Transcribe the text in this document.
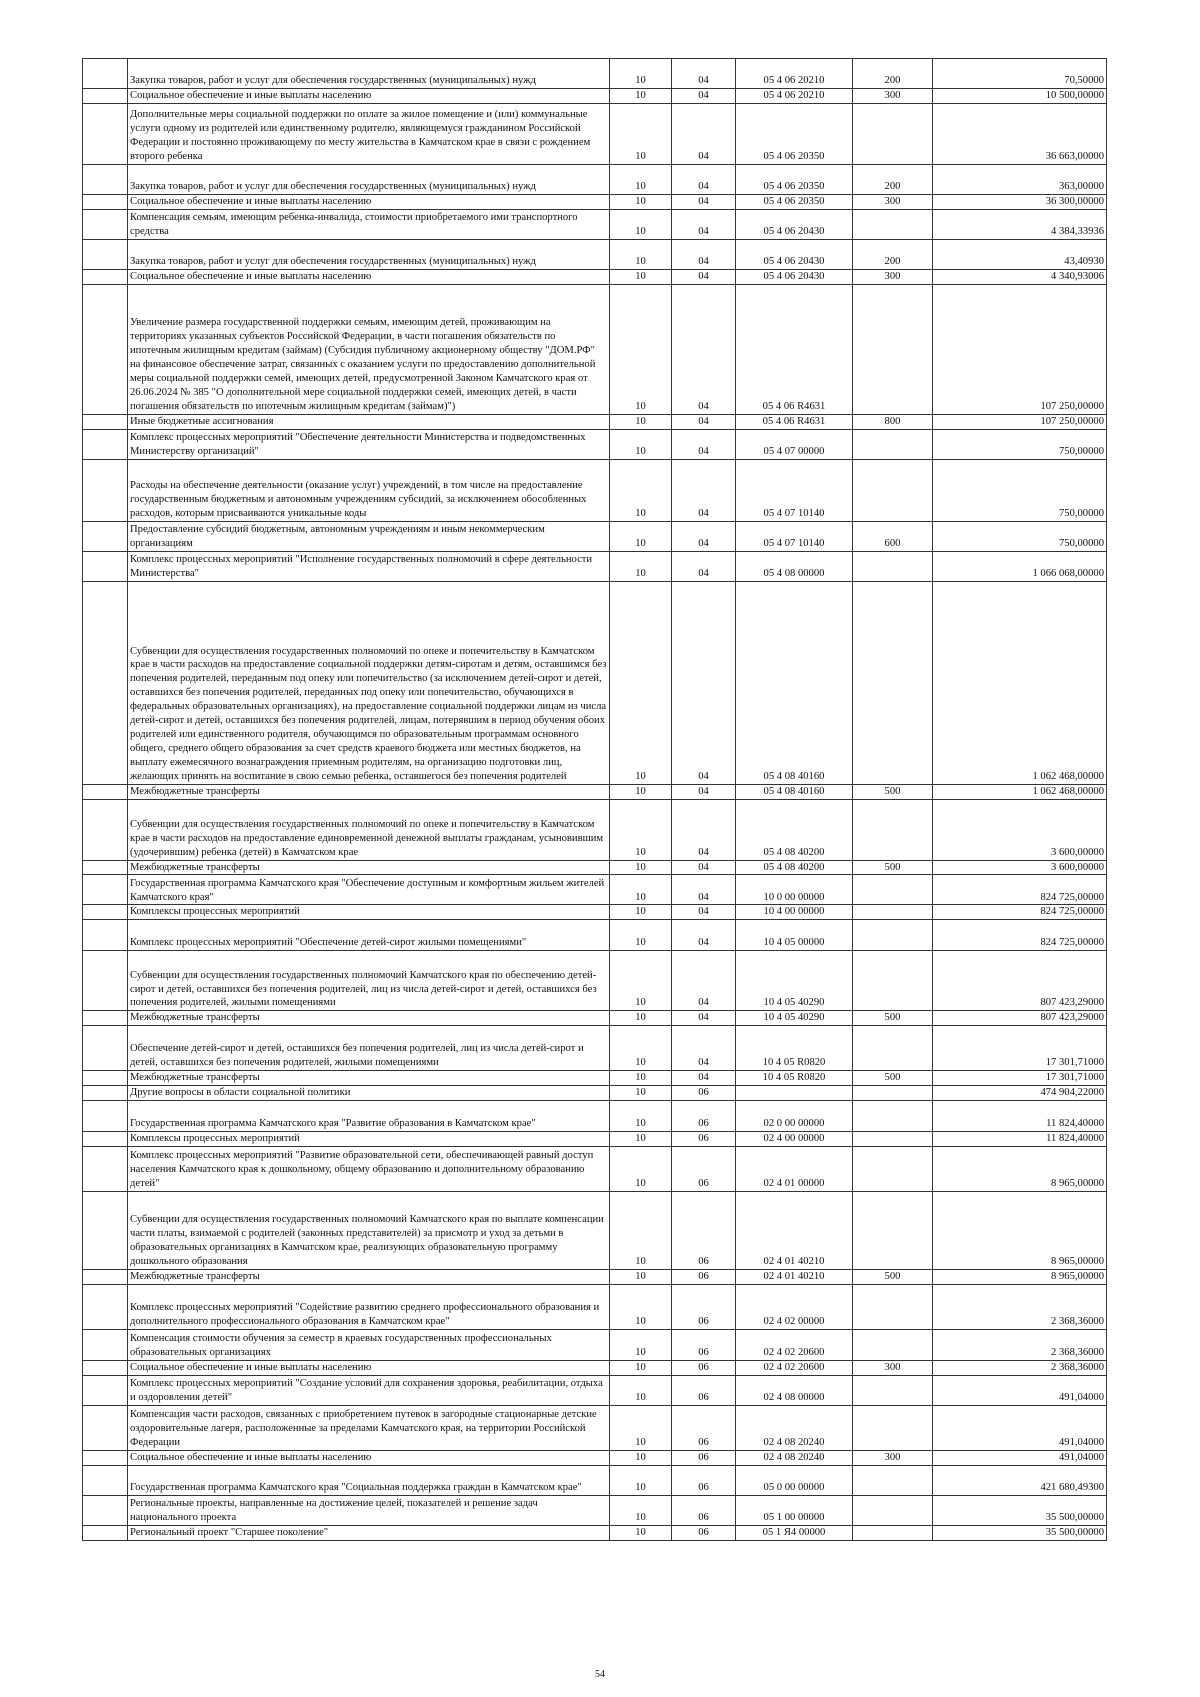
	Закупка товаров, работ и услуг для обеспечения государственных (муниципальных) нужд	10	04	05 4 06 20210	200	70,50000
	Социальное обеспечение и иные выплаты населению	10	04	05 4 06 20210	300	10 500,00000
	Дополнительные меры социальной поддержки по оплате за жилое помещение и (или) коммунальные услуги одному из родителей или единственному родителю, являющемуся гражданином Российской Федерации и постоянно проживающему по месту жительства в Камчатском крае в связи с рождением второго ребенка	10	04	05 4 06 20350		36 663,00000
	Закупка товаров, работ и услуг для обеспечения государственных (муниципальных) нужд	10	04	05 4 06 20350	200	363,00000
	Социальное обеспечение и иные выплаты населению	10	04	05 4 06 20350	300	36 300,00000
	Компенсация семьям, имеющим ребенка-инвалида, стоимости приобретаемого ими транспортного средства	10	04	05 4 06 20430		4 384,33936
	Закупка товаров, работ и услуг для обеспечения государственных (муниципальных) нужд	10	04	05 4 06 20430	200	43,40930
	Социальное обеспечение и иные выплаты населению	10	04	05 4 06 20430	300	4 340,93006
	Увеличение размера государственной поддержки семьям, имеющим детей, проживающим на территориях указанных субъектов Российской Федерации, в части погашения обязательств по ипотечным жилищным кредитам (займам) (Субсидия публичному акционерному обществу "ДОМ.РФ" на финансовое обеспечение затрат, связанных с оказанием услуги по предоставлению дополнительной меры социальной поддержки семей, имеющих детей, предусмотренной Законом Камчатского края от 26.06.2024 № 385 "О дополнительной мере социальной поддержки семей, имеющих детей, в части погашения обязательств по ипотечным жилищным кредитам (займам)")	10	04	05 4 06 R4631		107 250,00000
	Иные бюджетные ассигнования	10	04	05 4 06 R4631	800	107 250,00000
	Комплекс процессных мероприятий "Обеспечение деятельности Министерства и подведомственных Министерству организаций"	10	04	05 4 07 00000		750,00000
	Расходы на обеспечение деятельности (оказание услуг) учреждений, в том числе на предоставление государственным бюджетным и автономным учреждениям субсидий, за исключением обособленных расходов, которым присваиваются уникальные коды	10	04	05 4 07 10140		750,00000
	Предоставление субсидий бюджетным, автономным учреждениям и иным некоммерческим организациям	10	04	05 4 07 10140	600	750,00000
	Комплекс процессных мероприятий "Исполнение государственных полномочий в сфере деятельности Министерства"	10	04	05 4 08 00000		1 066 068,00000
	Субвенции для осуществления государственных полномочий по опеке и попечительству в Камчатском крае в части расходов на предоставление социальной поддержки детям-сиротам и детям, оставшимся без попечения родителей, переданным под опеку или попечительство (за исключением детей-сирот и детей, оставшихся без попечения родителей, переданных под опеку или попечительство, обучающихся в федеральных образовательных организациях), на предоставление социальной поддержки лицам из числа детей-сирот и детей, оставшихся без попечения родителей, лицам, потерявшим в период обучения обоих родителей или единственного родителя, обучающимся по образовательным программам основного общего, среднего общего образования за счет средств краевого бюджета или местных бюджетов, на выплату ежемесячного вознаграждения приемным родителям, на организацию подготовки лиц, желающих принять на воспитание в свою семью ребенка, оставшегося без попечения родителей	10	04	05 4 08 40160		1 062 468,00000
	Межбюджетные трансферты	10	04	05 4 08 40160	500	1 062 468,00000
	Субвенции для осуществления государственных полномочий по опеке и попечительству в Камчатском крае в части расходов на предоставление единовременной денежной выплаты гражданам, усыновившим (удочерившим) ребенка (детей) в Камчатском крае	10	04	05 4 08 40200		3 600,00000
	Межбюджетные трансферты	10	04	05 4 08 40200	500	3 600,00000
	Государственная программа Камчатского края "Обеспечение доступным и комфортным жильем жителей Камчатского края"	10	04	10 0 00 00000		824 725,00000
	Комплексы процессных мероприятий	10	04	10 4 00 00000		824 725,00000
	Комплекс процессных мероприятий "Обеспечение детей-сирот жилыми помещениями"	10	04	10 4 05 00000		824 725,00000
	Субвенции для осуществления государственных полномочий Камчатского края по обеспечению детей-сирот и детей, оставшихся без попечения родителей, лиц из числа детей-сирот и детей, оставшихся без попечения родителей, жилыми помещениями	10	04	10 4 05 40290		807 423,29000
	Межбюджетные трансферты	10	04	10 4 05 40290	500	807 423,29000
	Обеспечение детей-сирот и детей, оставшихся без попечения родителей, лиц из числа детей-сирот и детей, оставшихся без попечения родителей, жилыми помещениями	10	04	10 4 05 R0820		17 301,71000
	Межбюджетные трансферты	10	04	10 4 05 R0820	500	17 301,71000
	Другие вопросы в области социальной политики	10	06			474 904,22000
	Государственная программа Камчатского края "Развитие образования в Камчатском крае"	10	06	02 0 00 00000		11 824,40000
	Комплексы процессных мероприятий	10	06	02 4 00 00000		11 824,40000
	Комплекс процессных мероприятий "Развитие образовательной сети, обеспечивающей равный доступ населения Камчатского края к дошкольному, общему образованию и дополнительному образованию детей"	10	06	02 4 01 00000		8 965,00000
	Субвенции для осуществления государственных полномочий Камчатского края по выплате компенсации части платы, взимаемой с родителей (законных представителей) за присмотр и уход за детьми в образовательных организациях в Камчатском крае, реализующих образовательную программу дошкольного образования	10	06	02 4 01 40210		8 965,00000
	Межбюджетные трансферты	10	06	02 4 01 40210	500	8 965,00000
	Комплекс процессных мероприятий "Содействие развитию среднего профессионального образования и дополнительного профессионального образования в Камчатском крае"	10	06	02 4 02 00000		2 368,36000
	Компенсация стоимости обучения за семестр в краевых государственных профессиональных образовательных организациях	10	06	02 4 02 20600		2 368,36000
	Социальное обеспечение и иные выплаты населению	10	06	02 4 02 20600	300	2 368,36000
	Комплекс процессных мероприятий "Создание условий для сохранения здоровья, реабилитации, отдыха и оздоровления детей"	10	06	02 4 08 00000		491,04000
	Компенсация части расходов, связанных с приобретением путевок в загородные стационарные детские оздоровительные лагеря, расположенные за пределами Камчатского края, на территории Российской Федерации	10	06	02 4 08 20240		491,04000
	Социальное обеспечение и иные выплаты населению	10	06	02 4 08 20240	300	491,04000
	Государственная программа Камчатского края "Социальная поддержка граждан в Камчатском крае"	10	06	05 0 00 00000		421 680,49300
	Региональные проекты, направленные на достижение целей, показателей и решение задач национального проекта	10	06	05 1 00 00000		35 500,00000
	Региональный проект "Старшее поколение"	10	06	05 1 Я4 00000		35 500,00000
54
